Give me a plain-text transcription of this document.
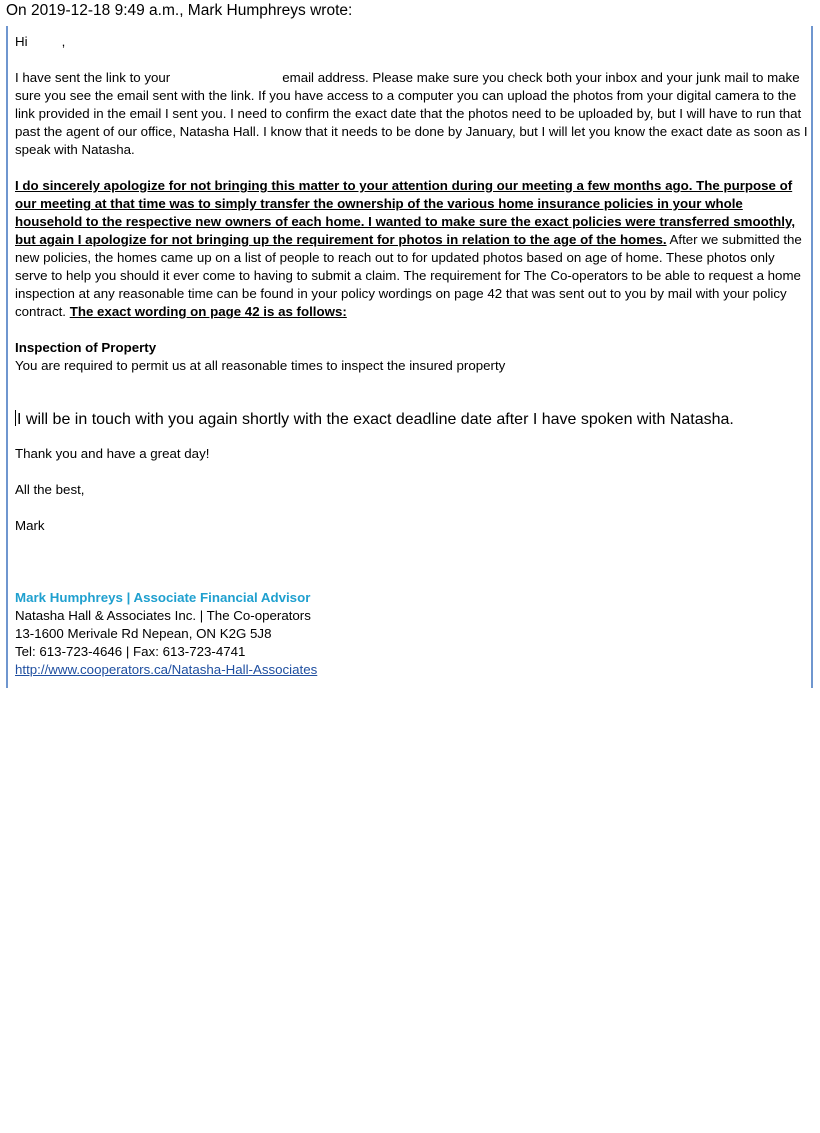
On 2019-12-18 9:49 a.m., Mark Humphreys wrote:

Hi	,

I have sent the link to your	email address. Please make sure you check both your inbox and your junk mail to make sure you see the email sent with the link. If you have access to a computer you can upload the photos from your digital camera to the link provided in the email I sent you. I need to confirm the exact date that the photos need to be uploaded by, but I will have to run that past the agent of our office, Natasha Hall. I know that it needs to be done by January, but I will let you know the exact date as soon as I speak with Natasha.

I do sincerely apologize for not bringing this matter to your attention during our meeting a few months ago. The purpose of our meeting at that time was to simply transfer the ownership of the various home insurance policies in your whole household to the respective new owners of each home. I wanted to make sure the exact policies were transferred smoothly, but again I apologize for not bringing up the requirement for photos in relation to the age of the homes. After we submitted the new policies, the homes came up on a list of people to reach out to for updated photos based on age of home. These photos only serve to help you should it ever come to having to submit a claim. The requirement for The Co-operators to be able to request a home inspection at any reasonable time can be found in your policy wordings on page 42 that was sent out to you by mail with your policy contract. The exact wording on page 42 is as follows:

Inspection of Property

You are required to permit us at all reasonable times to inspect the insured property

I will be in touch with you again shortly with the exact deadline date after I have spoken with Natasha.

Thank you and have a great day!

All the best,

Mark

Mark Humphreys | Associate Financial Advisor

Natasha Hall & Associates Inc. | The Co-operators

13-1600 Merivale Rd Nepean, ON K2G 5J8

Tel: 613-723-4646 | Fax: 613-723-4741

http://www.cooperators.ca/Natasha-Hall-Associates
